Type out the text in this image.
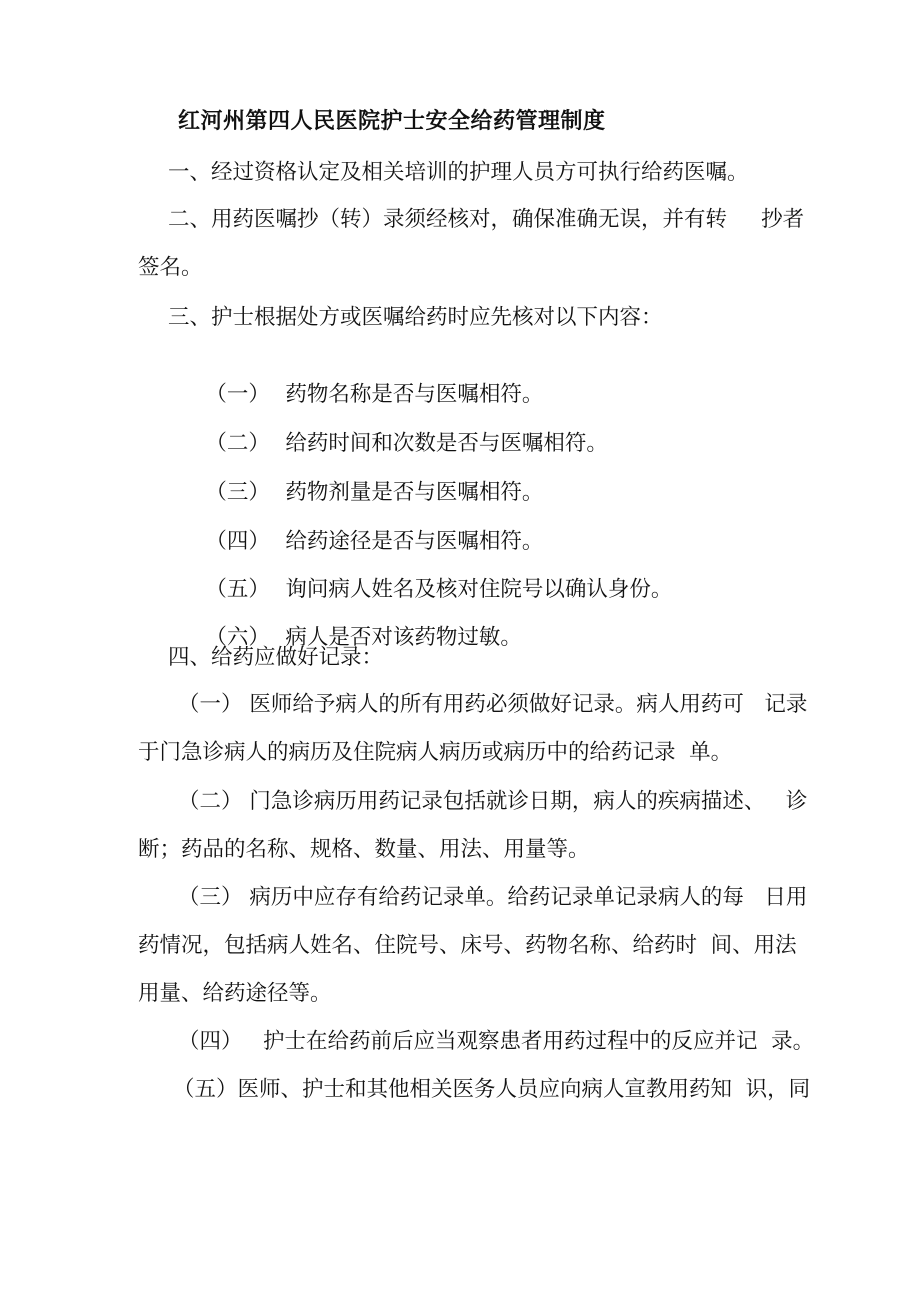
红河州第四人民医院护士安全给药管理制度
一、经过资格认定及相关培训的护理人员方可执行给药医嘱。
二、用药医嘱抄（转）录须经核对，确保准确无误，并有转     抄者
签名。
三、护士根据处方或医嘱给药时应先核对以下内容：

（一） 药物名称是否与医嘱相符。

（二） 给药时间和次数是否与医嘱相符。

（三） 药物剂量是否与医嘱相符。

（四） 给药途径是否与医嘱相符。

（五） 询问病人姓名及核对住院号以确认身份。

（六） 病人是否对该药物过敏。

四、给药应做好记录：
（一） 医师给予病人的所有用药必须做好记录。病人用药可   记录
于门急诊病人的病历及住院病人病历或病历中的给药记录  单。
（二） 门急诊病历用药记录包括就诊日期，病人的疾病描述、   诊
断；药品的名称、规格、数量、用法、用量等。
（三） 病历中应存有给药记录单。给药记录单记录病人的每   日用
药情况，包括病人姓名、住院号、床号、药物名称、给药时  间、用法
用量、给药途径等。
（四）   护士在给药前后应当观察患者用药过程中的反应并记  录。
（五）医师、护士和其他相关医务人员应向病人宣教用药知  识，同
